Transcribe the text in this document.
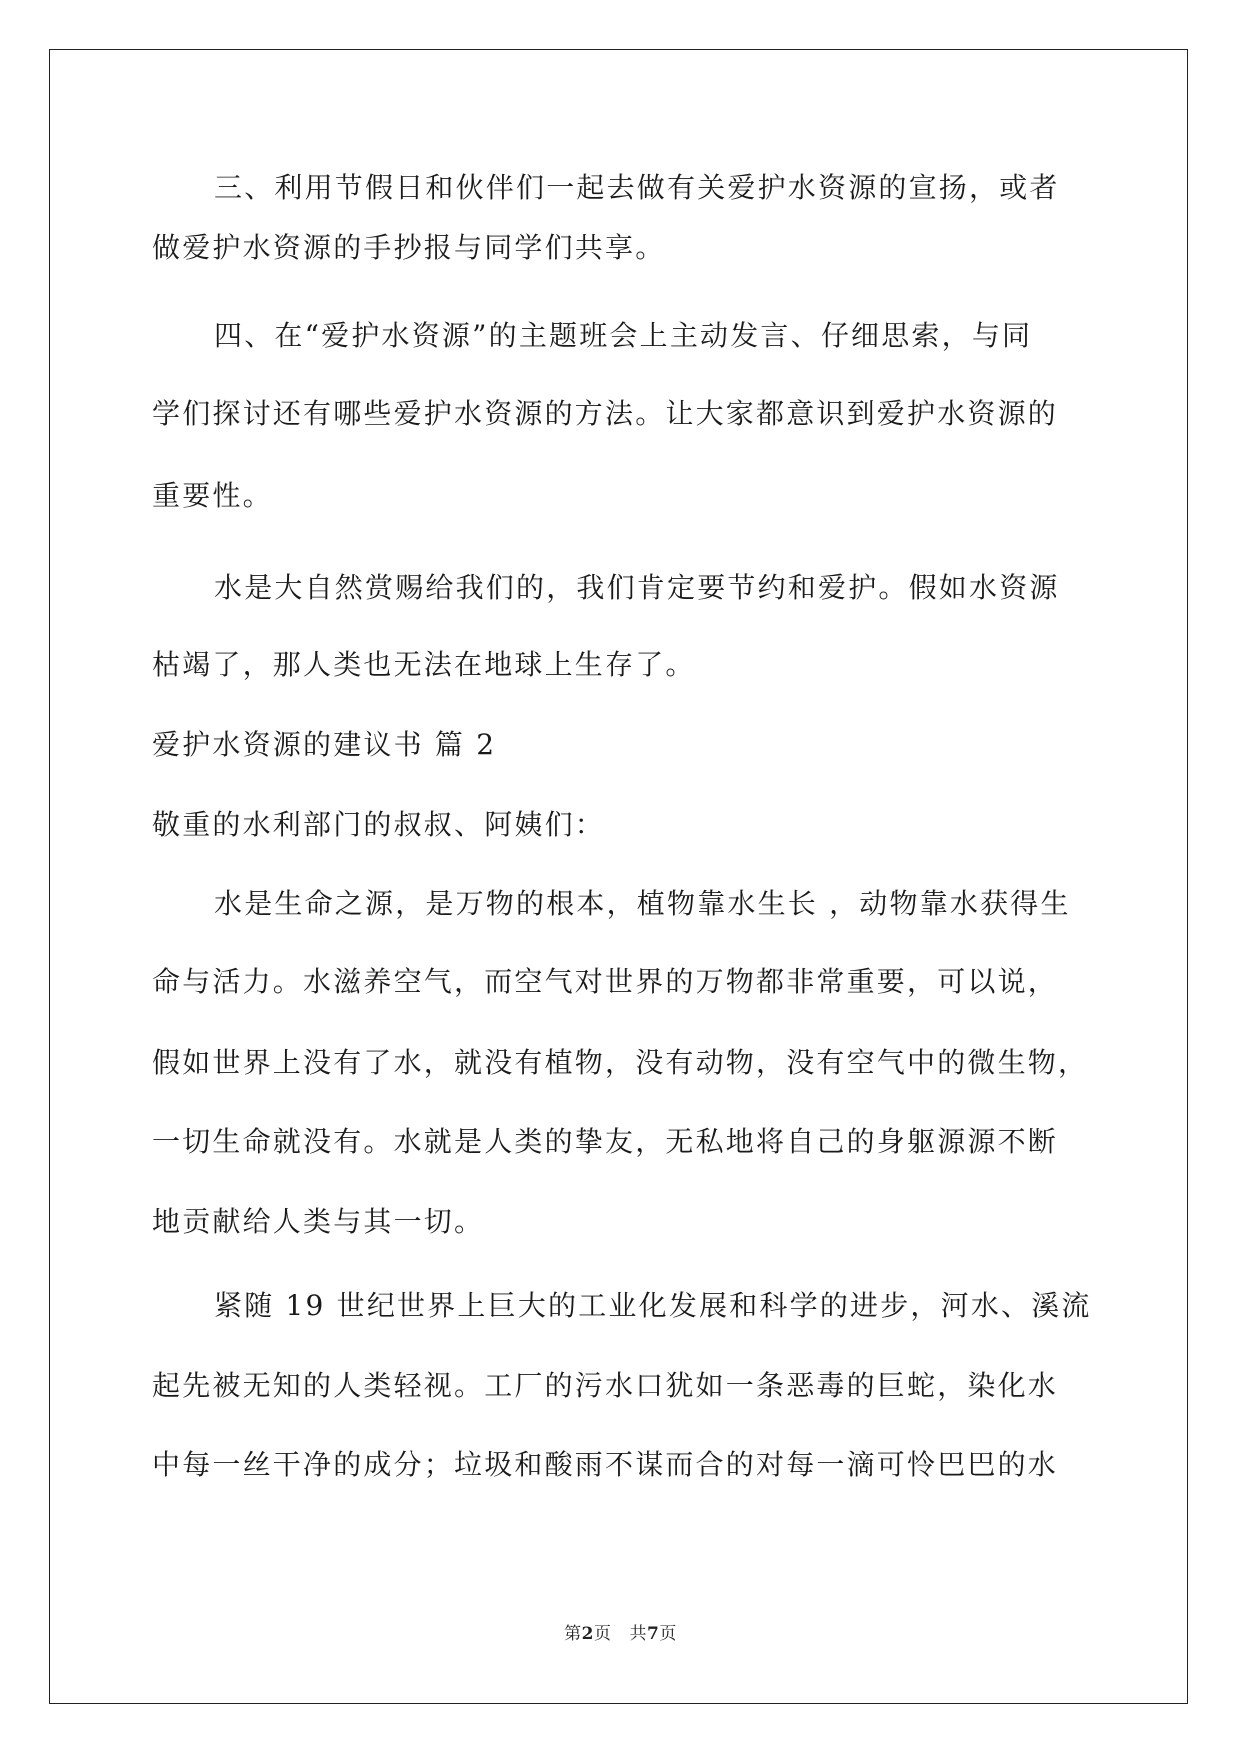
三、利用节假日和伙伴们一起去做有关爱护水资源的宣扬，或者
做爱护水资源的手抄报与同学们共享。
四、在“爱护水资源”的主题班会上主动发言、仔细思索，与同
学们探讨还有哪些爱护水资源的方法。让大家都意识到爱护水资源的
重要性。
水是大自然赏赐给我们的，我们肯定要节约和爱护。假如水资源
枯竭了，那人类也无法在地球上生存了。
爱护水资源的建议书 篇 2
敬重的水利部门的叔叔、阿姨们：
水是生命之源，是万物的根本，植物靠水生长 ，动物靠水获得生
命与活力。水滋养空气，而空气对世界的万物都非常重要，可以说，
假如世界上没有了水，就没有植物，没有动物，没有空气中的微生物，
一切生命就没有。水就是人类的挚友，无私地将自己的身躯源源不断
地贡献给人类与其一切。
紧随 19 世纪世界上巨大的工业化发展和科学的进步，河水、溪流
起先被无知的人类轻视。工厂的污水口犹如一条恶毒的巨蛇，染化水
中每一丝干净的成分；垃圾和酸雨不谋而合的对每一滴可怜巴巴的水
第2页 共7页
